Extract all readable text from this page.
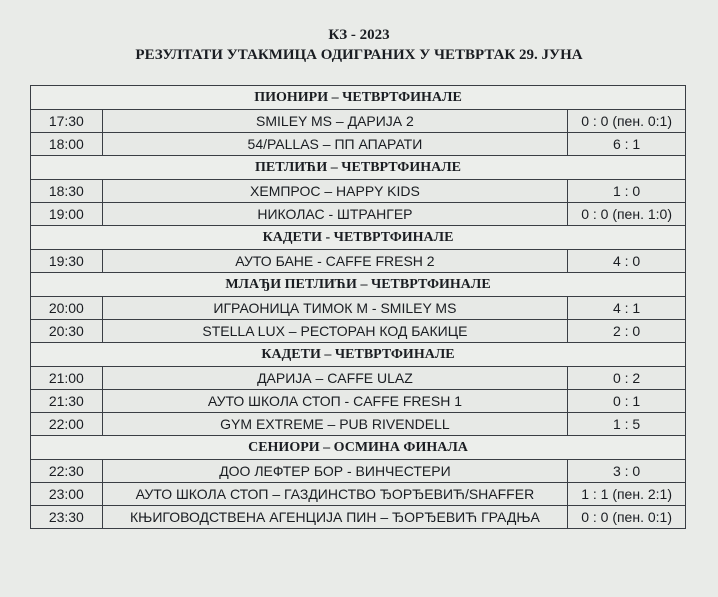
КЗ - 2023
РЕЗУЛТАТИ УТАКМИЦА ОДИГРАНИХ У ЧЕТВРТАК 29. ЈУНА
ПИОНИРИ – ЧЕТВРТФИНАЛЕ		
17:30	SMILEY MS – ДАРИЈА 2	0 : 0 (пен. 0:1)
18:00	54/PALLAS – ПП АПАРАТИ	6 : 1
ПЕТЛИЋИ – ЧЕТВРТФИНАЛЕ		
18:30	ХЕМПРОС – HAPPY KIDS	1 : 0
19:00	НИКОЛАС - ШТРАНГЕР	0 : 0 (пен. 1:0)
КАДЕТИ - ЧЕТВРТФИНАЛЕ		
19:30	АУТО БАНЕ - CAFFE FRESH 2	4 : 0
МЛАЂИ ПЕТЛИЋИ – ЧЕТВРТФИНАЛЕ		
20:00	ИГРАОНИЦА ТИМОК М - SMILEY MS	4 : 1
20:30	STELLA LUX – РЕСТОРАН КОД БАКИЦЕ	2 : 0
КАДЕТИ – ЧЕТВРТФИНАЛЕ		
21:00	ДАРИЈА – CAFFE ULAZ	0 : 2
21:30	АУТО ШКОЛА СТОП - CAFFE FRESH 1	0 : 1
22:00	GYM EXTREME – PUB RIVENDELL	1 : 5
СЕНИОРИ – ОСМИНА ФИНАЛА		
22:30	ДОО ЛЕФТЕР БОР - ВИНЧЕСТЕРИ	3 : 0
23:00	АУТО ШКОЛА СТОП – ГАЗДИНСТВО ЂОРЂЕВИЋ/SHAFFER	1 : 1 (пен. 2:1)
23:30	КЊИГОВОДСТВЕНА АГЕНЦИЈА ПИН – ЂОРЂЕВИЋ ГРАДЊА	0 : 0 (пен. 0:1)
